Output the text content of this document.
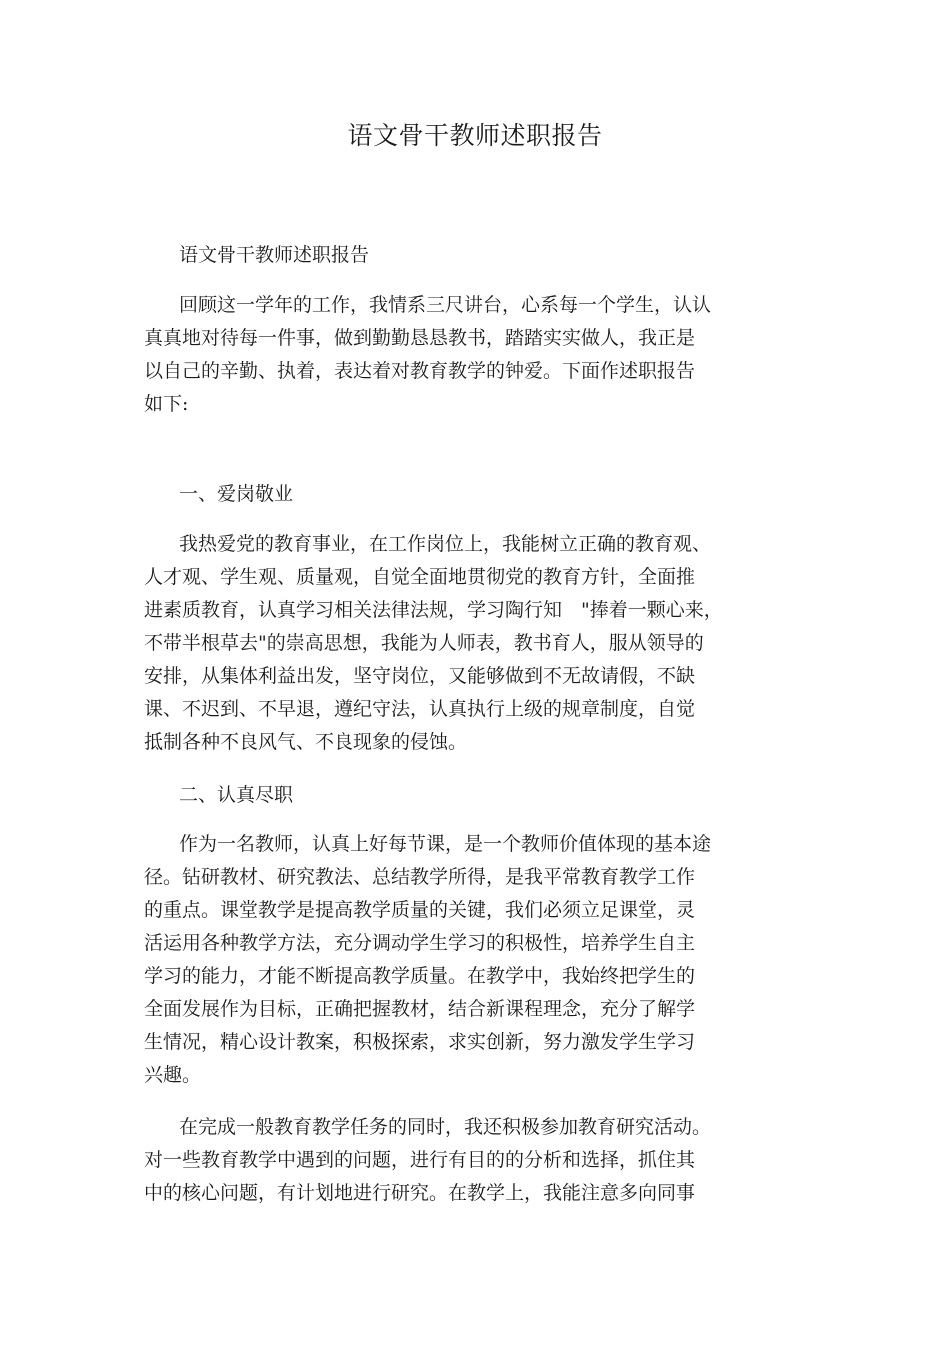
语文骨干教师述职报告
语文骨干教师述职报告
回顾这一学年的工作，我情系三尺讲台，心系每一个学生，认认
真真地对待每一件事，做到勤勤恳恳教书，踏踏实实做人，我正是
以自己的辛勤、执着，表达着对教育教学的钟爱。下面作述职报告
如下:
一、爱岗敬业
我热爱党的教育事业，在工作岗位上，我能树立正确的教育观、
人才观、学生观、质量观，自觉全面地贯彻党的教育方针，全面推
进素质教育，认真学习相关法律法规，学习陶行知　"捧着一颗心来，
不带半根草去"的崇高思想，我能为人师表，教书育人，服从领导的
安排，从集体利益出发，坚守岗位，又能够做到不无故请假，不缺
课、不迟到、不早退，遵纪守法，认真执行上级的规章制度，自觉
抵制各种不良风气、不良现象的侵蚀。
二、认真尽职
作为一名教师，认真上好每节课，是一个教师价值体现的基本途
径。钻研教材、研究教法、总结教学所得，是我平常教育教学工作
的重点。课堂教学是提高教学质量的关键，我们必须立足课堂，灵
活运用各种教学方法，充分调动学生学习的积极性，培养学生自主
学习的能力，才能不断提高教学质量。在教学中，我始终把学生的
全面发展作为目标，正确把握教材，结合新课程理念，充分了解学
生情况，精心设计教案，积极探索，求实创新，努力激发学生学习
兴趣。
在完成一般教育教学任务的同时，我还积极参加教育研究活动。
对一些教育教学中遇到的问题，进行有目的的分析和选择，抓住其
中的核心问题，有计划地进行研究。在教学上，我能注意多向同事
